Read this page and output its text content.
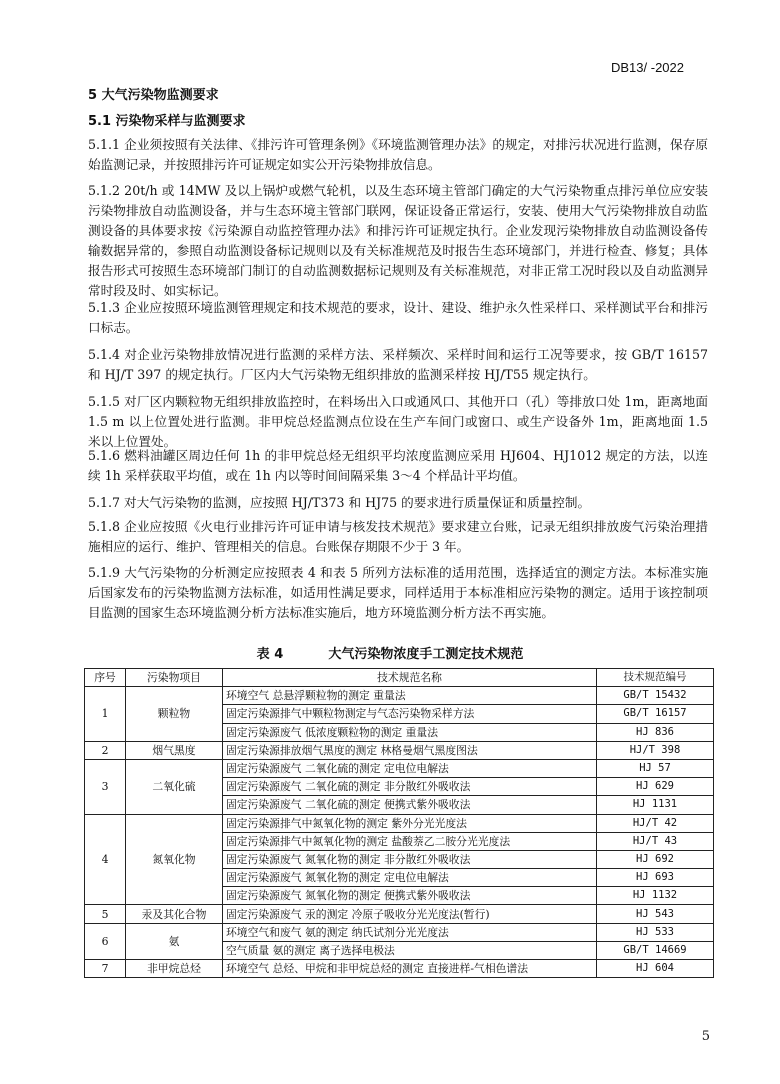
DB13/ -2022
5 大气污染物监测要求
5.1 污染物采样与监测要求
5.1.1 企业须按照有关法律、《排污许可管理条例》《环境监测管理办法》的规定，对排污状况进行监测，保存原始监测记录，并按照排污许可证规定如实公开污染物排放信息。
5.1.2 20t/h 或 14MW 及以上锅炉或燃气轮机，以及生态环境主管部门确定的大气污染物重点排污单位应安装污染物排放自动监测设备，并与生态环境主管部门联网，保证设备正常运行，安装、使用大气污染物排放自动监测设备的具体要求按《污染源自动监控管理办法》和排污许可证规定执行。企业发现污染物排放自动监测设备传输数据异常的，参照自动监测设备标记规则以及有关标准规范及时报告生态环境部门，并进行检查、修复；具体报告形式可按照生态环境部门制订的自动监测数据标记规则及有关标准规范，对非正常工况时段以及自动监测异常时段及时、如实标记。
5.1.3 企业应按照环境监测管理规定和技术规范的要求，设计、建设、维护永久性采样口、采样测试平台和排污口标志。
5.1.4 对企业污染物排放情况进行监测的采样方法、采样频次、采样时间和运行工况等要求，按 GB/T 16157 和 HJ/T 397 的规定执行。厂区内大气污染物无组织排放的监测采样按 HJ/T55 规定执行。
5.1.5 对厂区内颗粒物无组织排放监控时，在料场出入口或通风口、其他开口（孔）等排放口处 1m，距离地面 1.5 m 以上位置处进行监测。非甲烷总烃监测点位设在生产车间门或窗口、或生产设备外 1m，距离地面 1.5 米以上位置处。
5.1.6 燃料油罐区周边任何 1h 的非甲烷总烃无组织平均浓度监测应采用 HJ604、HJ1012 规定的方法，以连续 1h 采样获取平均值，或在 1h 内以等时间间隔采集 3～4 个样品计平均值。
5.1.7 对大气污染物的监测，应按照 HJ/T373 和 HJ75 的要求进行质量保证和质量控制。
5.1.8 企业应按照《火电行业排污许可证申请与核发技术规范》要求建立台账，记录无组织排放废气污染治理措施相应的运行、维护、管理相关的信息。台账保存期限不少于 3 年。
5.1.9 大气污染物的分析测定应按照表 4 和表 5 所列方法标准的适用范围，选择适宜的测定方法。本标准实施后国家发布的污染物监测方法标准，如适用性满足要求，同样适用于本标准相应污染物的测定。适用于该控制项目监测的国家生态环境监测分析方法标准实施后，地方环境监测分析方法不再实施。
表 4	大气污染物浓度手工测定技术规范
序号	污染物项目	技术规范名称	技术规范编号
1	颗粒物	环境空气 总悬浮颗粒物的测定 重量法	GB/T 15432
		固定污染源排气中颗粒物测定与气态污染物采样方法	GB/T 16157
		固定污染源废气 低浓度颗粒物的测定 重量法	HJ 836
2	烟气黑度	固定污染源排放烟气黑度的测定 林格曼烟气黑度图法	HJ/T 398
3	二氧化硫	固定污染源废气 二氧化硫的测定 定电位电解法	HJ 57
		固定污染源废气 二氧化硫的测定 非分散红外吸收法	HJ 629
		固定污染源废气 二氧化硫的测定 便携式紫外吸收法	HJ 1131
4	氮氧化物	固定污染源排气中氮氧化物的测定 紫外分光光度法	HJ/T 42
		固定污染源排气中氮氧化物的测定 盐酸萘乙二胺分光光度法	HJ/T 43
		固定污染源废气 氮氧化物的测定 非分散红外吸收法	HJ 692
		固定污染源废气 氮氧化物的测定 定电位电解法	HJ 693
		固定污染源废气 氮氧化物的测定 便携式紫外吸收法	HJ 1132
5	汞及其化合物	固定污染源废气 汞的测定 冷原子吸收分光光度法(暂行)	HJ 543
6	氨	环境空气和废气 氨的测定 纳氏试剂分光光度法	HJ 533
		空气质量 氨的测定 离子选择电极法	GB/T 14669
7	非甲烷总烃	环境空气 总烃、甲烷和非甲烷总烃的测定 直接进样-气相色谱法	HJ 604
5
